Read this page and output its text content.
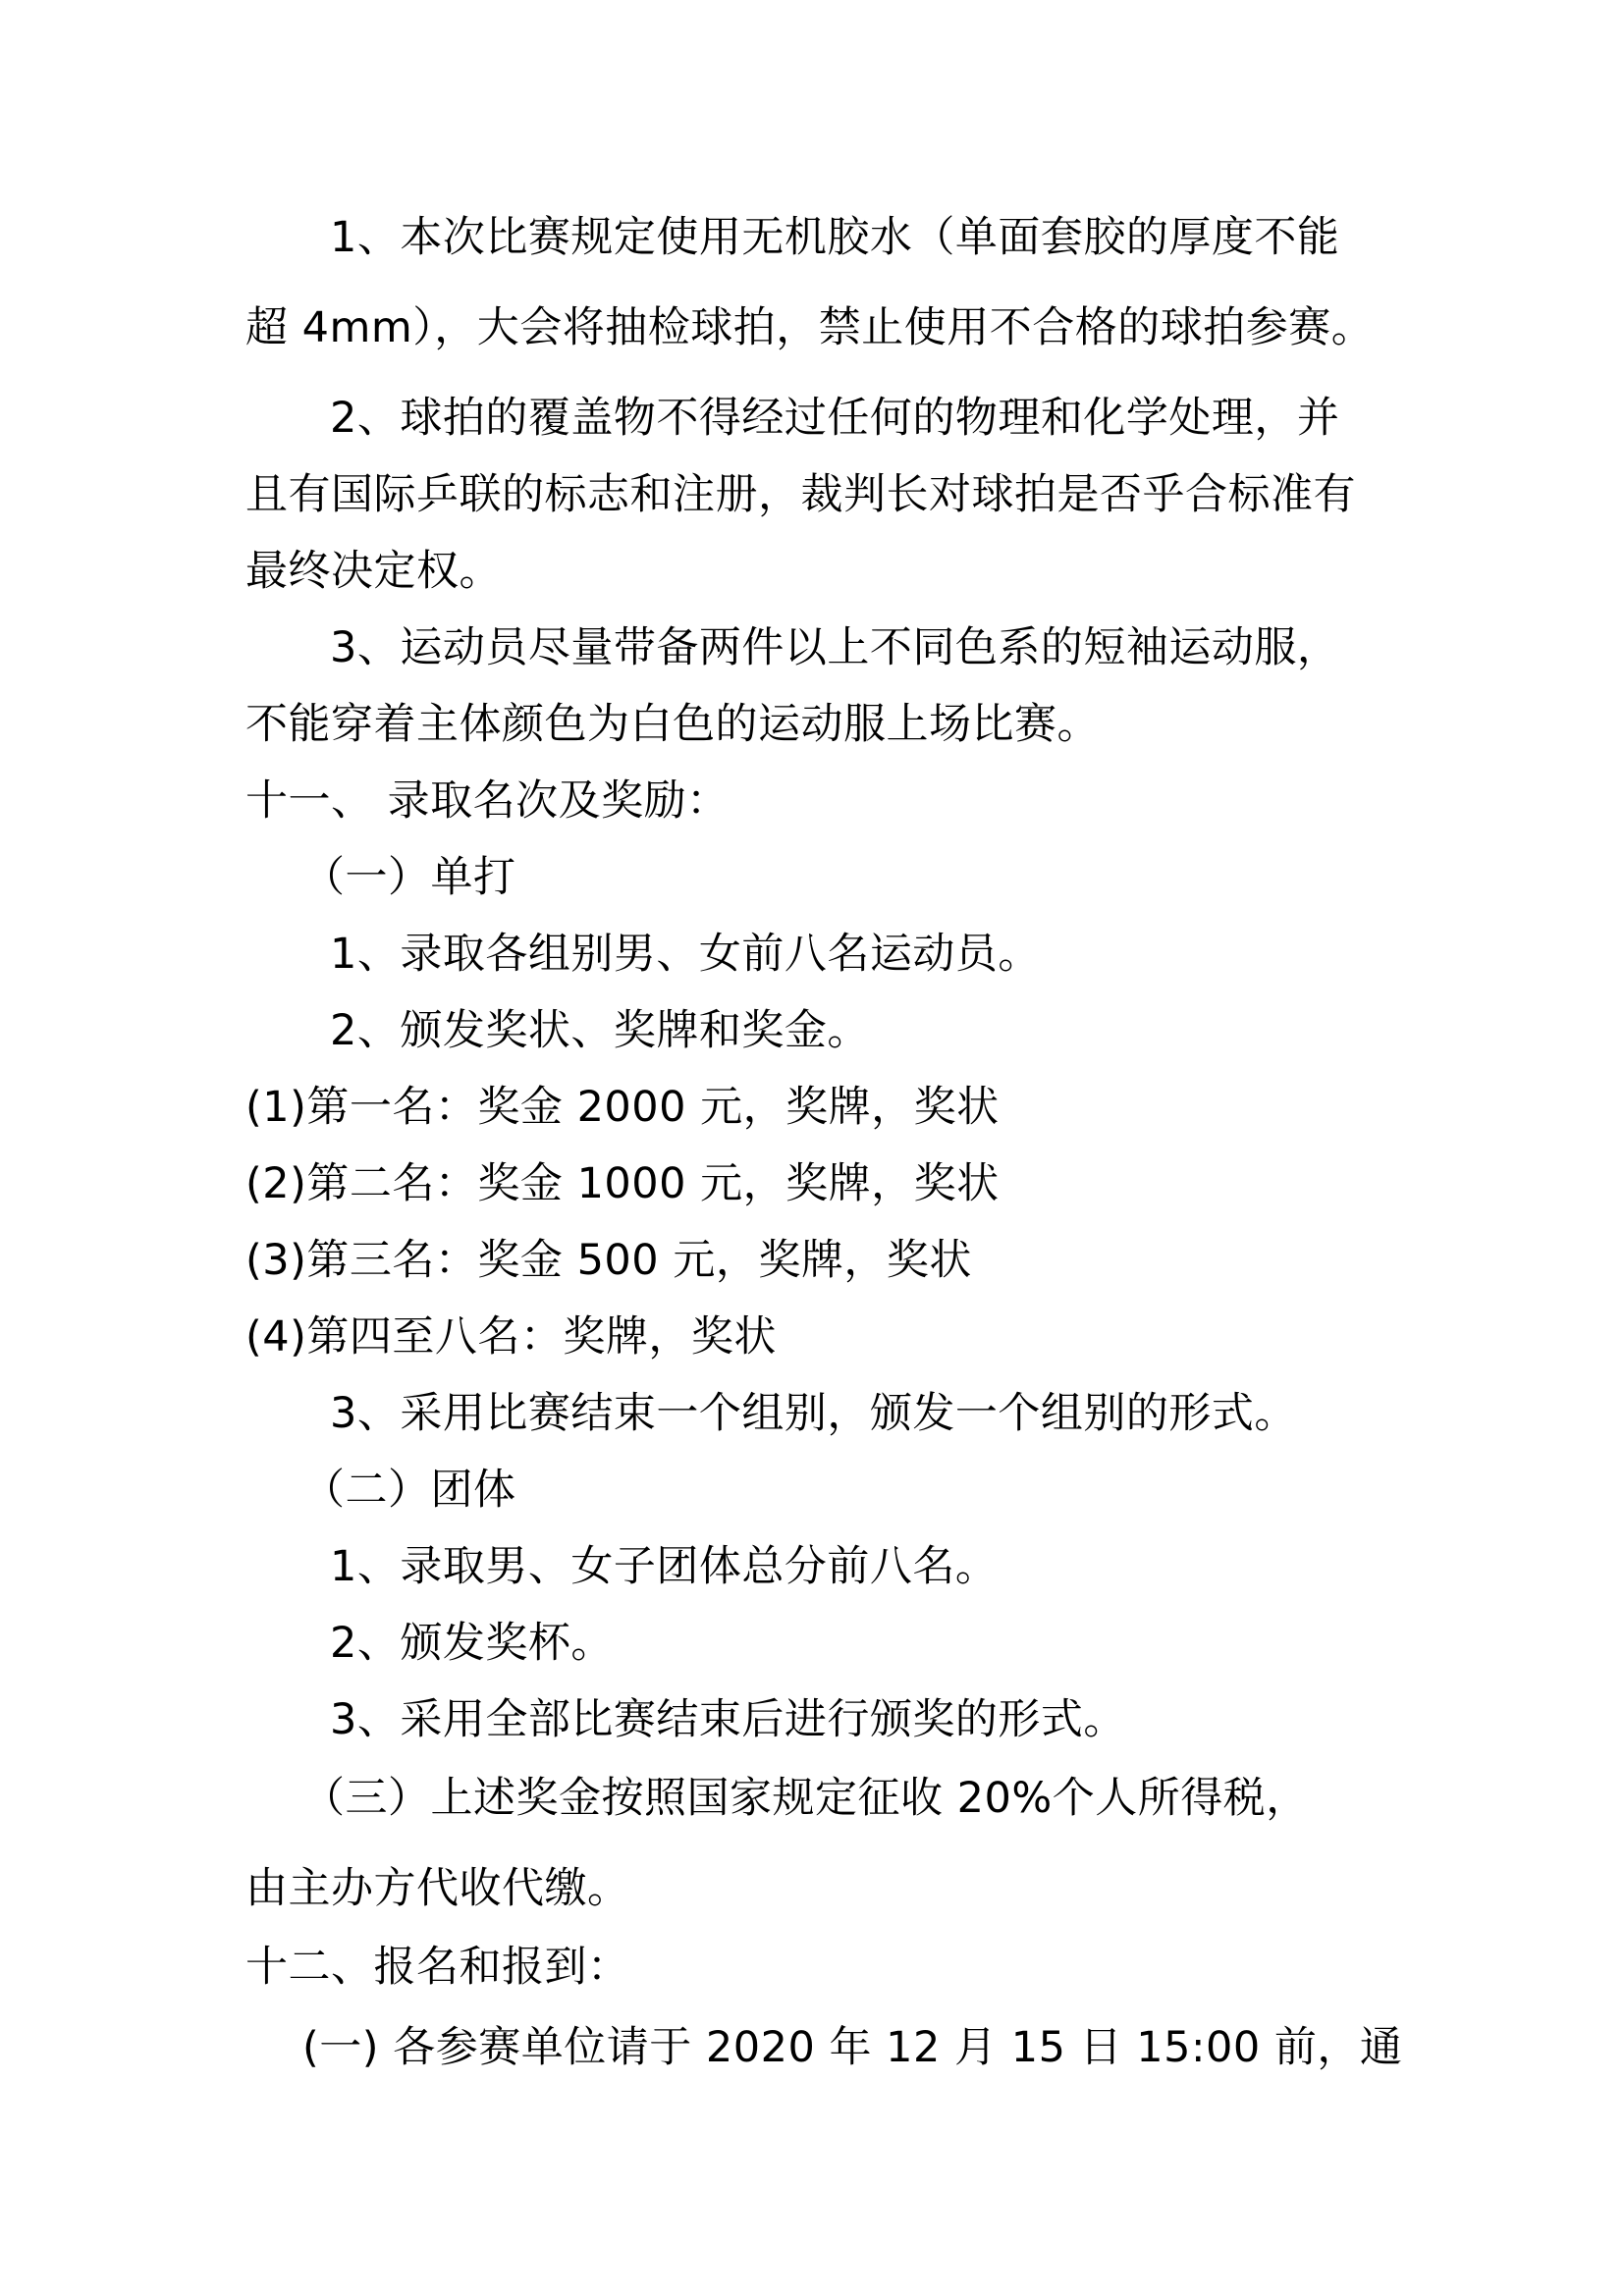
1、本次比赛规定使用无机胶水（单面套胶的厚度不能
超 4mm），大会将抽检球拍，禁止使用不合格的球拍参赛。
2、球拍的覆盖物不得经过任何的物理和化学处理，并
且有国际乒联的标志和注册，裁判长对球拍是否乎合标准有
最终决定权。
3、运动员尽量带备两件以上不同色系的短袖运动服，
不能穿着主体颜色为白色的运动服上场比赛。
十一、 录取名次及奖励：
（一）单打
1、录取各组别男、女前八名运动员。
2、颁发奖状、奖牌和奖金。
(1)第一名：奖金 2000 元，奖牌，奖状
(2)第二名：奖金 1000 元，奖牌，奖状
(3)第三名：奖金 500 元，奖牌，奖状
(4)第四至八名：奖牌，奖状
3、采用比赛结束一个组别，颁发一个组别的形式。
（二）团体
1、录取男、女子团体总分前八名。
2、颁发奖杯。
3、采用全部比赛结束后进行颁奖的形式。
（三）上述奖金按照国家规定征收 20%个人所得税，
由主办方代收代缴。
十二、报名和报到：
(一) 各参赛单位请于 2020 年 12 月 15 日 15:00 前，通
